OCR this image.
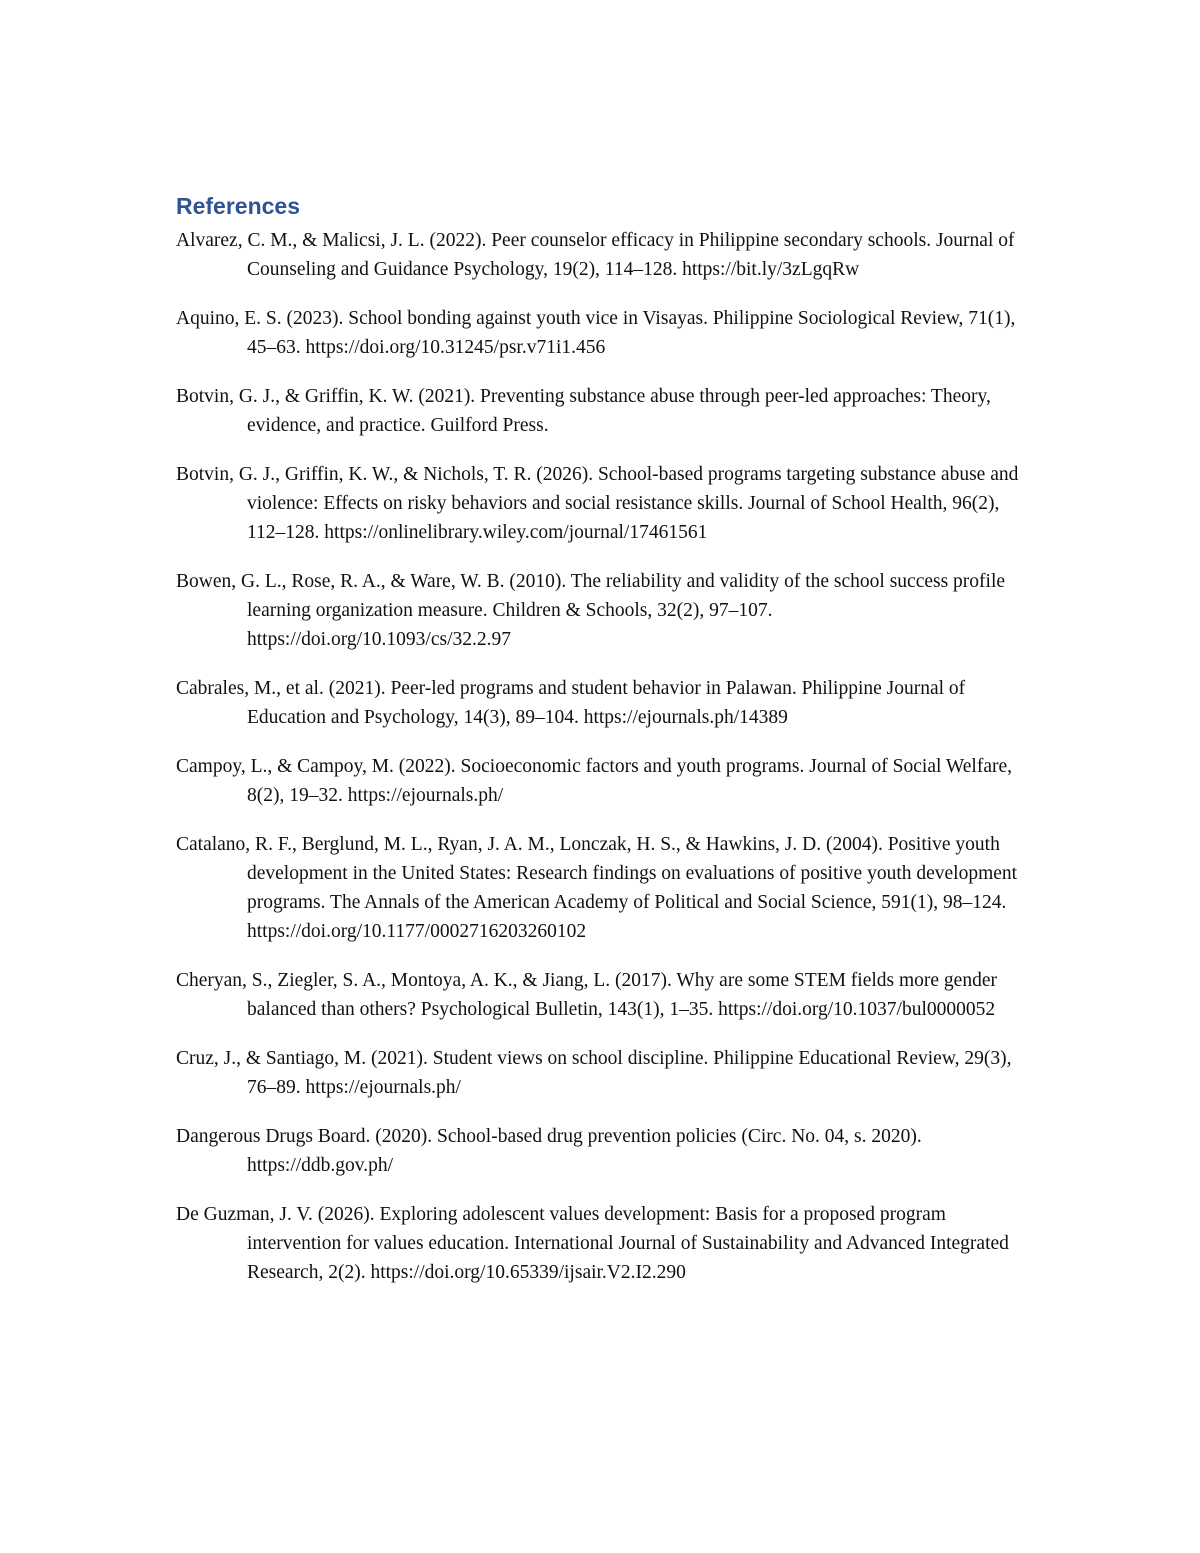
References
Alvarez, C. M., & Malicsi, J. L. (2022). Peer counselor efficacy in Philippine secondary schools. Journal of Counseling and Guidance Psychology, 19(2), 114–128. https://bit.ly/3zLgqRw
Aquino, E. S. (2023). School bonding against youth vice in Visayas. Philippine Sociological Review, 71(1), 45–63. https://doi.org/10.31245/psr.v71i1.456
Botvin, G. J., & Griffin, K. W. (2021). Preventing substance abuse through peer-led approaches: Theory, evidence, and practice. Guilford Press.
Botvin, G. J., Griffin, K. W., & Nichols, T. R. (2026). School-based programs targeting substance abuse and violence: Effects on risky behaviors and social resistance skills. Journal of School Health, 96(2), 112–128. https://onlinelibrary.wiley.com/journal/17461561
Bowen, G. L., Rose, R. A., & Ware, W. B. (2010). The reliability and validity of the school success profile learning organization measure. Children & Schools, 32(2), 97–107. https://doi.org/10.1093/cs/32.2.97
Cabrales, M., et al. (2021). Peer-led programs and student behavior in Palawan. Philippine Journal of Education and Psychology, 14(3), 89–104. https://ejournals.ph/14389
Campoy, L., & Campoy, M. (2022). Socioeconomic factors and youth programs. Journal of Social Welfare, 8(2), 19–32. https://ejournals.ph/
Catalano, R. F., Berglund, M. L., Ryan, J. A. M., Lonczak, H. S., & Hawkins, J. D. (2004). Positive youth development in the United States: Research findings on evaluations of positive youth development programs. The Annals of the American Academy of Political and Social Science, 591(1), 98–124. https://doi.org/10.1177/0002716203260102
Cheryan, S., Ziegler, S. A., Montoya, A. K., & Jiang, L. (2017). Why are some STEM fields more gender balanced than others? Psychological Bulletin, 143(1), 1–35. https://doi.org/10.1037/bul0000052
Cruz, J., & Santiago, M. (2021). Student views on school discipline. Philippine Educational Review, 29(3), 76–89. https://ejournals.ph/
Dangerous Drugs Board. (2020). School-based drug prevention policies (Circ. No. 04, s. 2020). https://ddb.gov.ph/
De Guzman, J. V. (2026). Exploring adolescent values development: Basis for a proposed program intervention for values education. International Journal of Sustainability and Advanced Integrated Research, 2(2). https://doi.org/10.65339/ijsair.V2.I2.290
